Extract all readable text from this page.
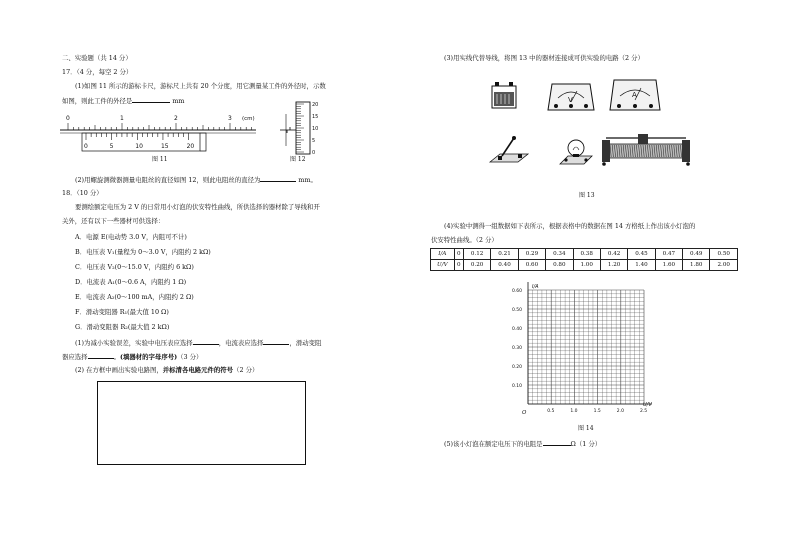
二、实验题（共 14 分）
17．（4 分，每空 2 分）
(1)如图 11 所示的游标卡尺，游标尺上共有 20 个分度，用它测量某工件的外径时，示数
如图，则此工件的外径是	mm
0	1	2	3 (cm)
0	5	10	15	20
图 11
20
15
10
5
0
图 12
(2)用螺旋测微器测量电阻丝的直径如图 12，则此电阻丝的直径为	mm。
18．（10 分）
要测绘额定电压为 2 V 的日常用小灯泡的伏安特性曲线，所供选择的器材除了导线和开
关外，还有以下一些器材可供选择：
A．电源 E(电动势 3.0 V，内阻可不计)
B．电压表 V₁(量程为 0～3.0 V，内阻约 2 kΩ)
C．电压表 V₂(0～15.0 V，内阻约 6 kΩ)
D．电流表 A₁(0～0.6 A，内阻约 1 Ω)
E．电流表 A₂(0～100 mA，内阻约 2 Ω)
F．滑动变阻器 R₁(最大值 10 Ω)
G．滑动变阻器 R₂(最大值 2 kΩ)
(1)为减小实验误差，实验中电压表应选择	，电流表应选择	，滑动变阻
器应选择	。(填器材的字母序号)（3 分）
(2) 在方框中画出实验电路图，并标清各电路元件的符号（2 分）
(3)用实线代替导线，将图 13 中的器材连接成可供实验的电路（2 分）
V
A
图 13
(4)实验中测得一组数据如下表所示，根据表格中的数据在图 14 方格纸上作出该小灯泡的
伏安特性曲线。（2 分）
I/A	0	0.12	0.21	0.29	0.34	0.38	0.42	0.45	0.47	0.49	0.50
U/V	0	0.20	0.40	0.60	0.80	1.00	1.20	1.40	1.60	1.80	2.00
0.10
0.20
0.30
0.40
0.50
0.60
0.5	1.0	1.5	2.0	2.5
I/A
U/V
O
图 14
(5)该小灯泡在额定电压下的电阻是	Ω（1 分）
